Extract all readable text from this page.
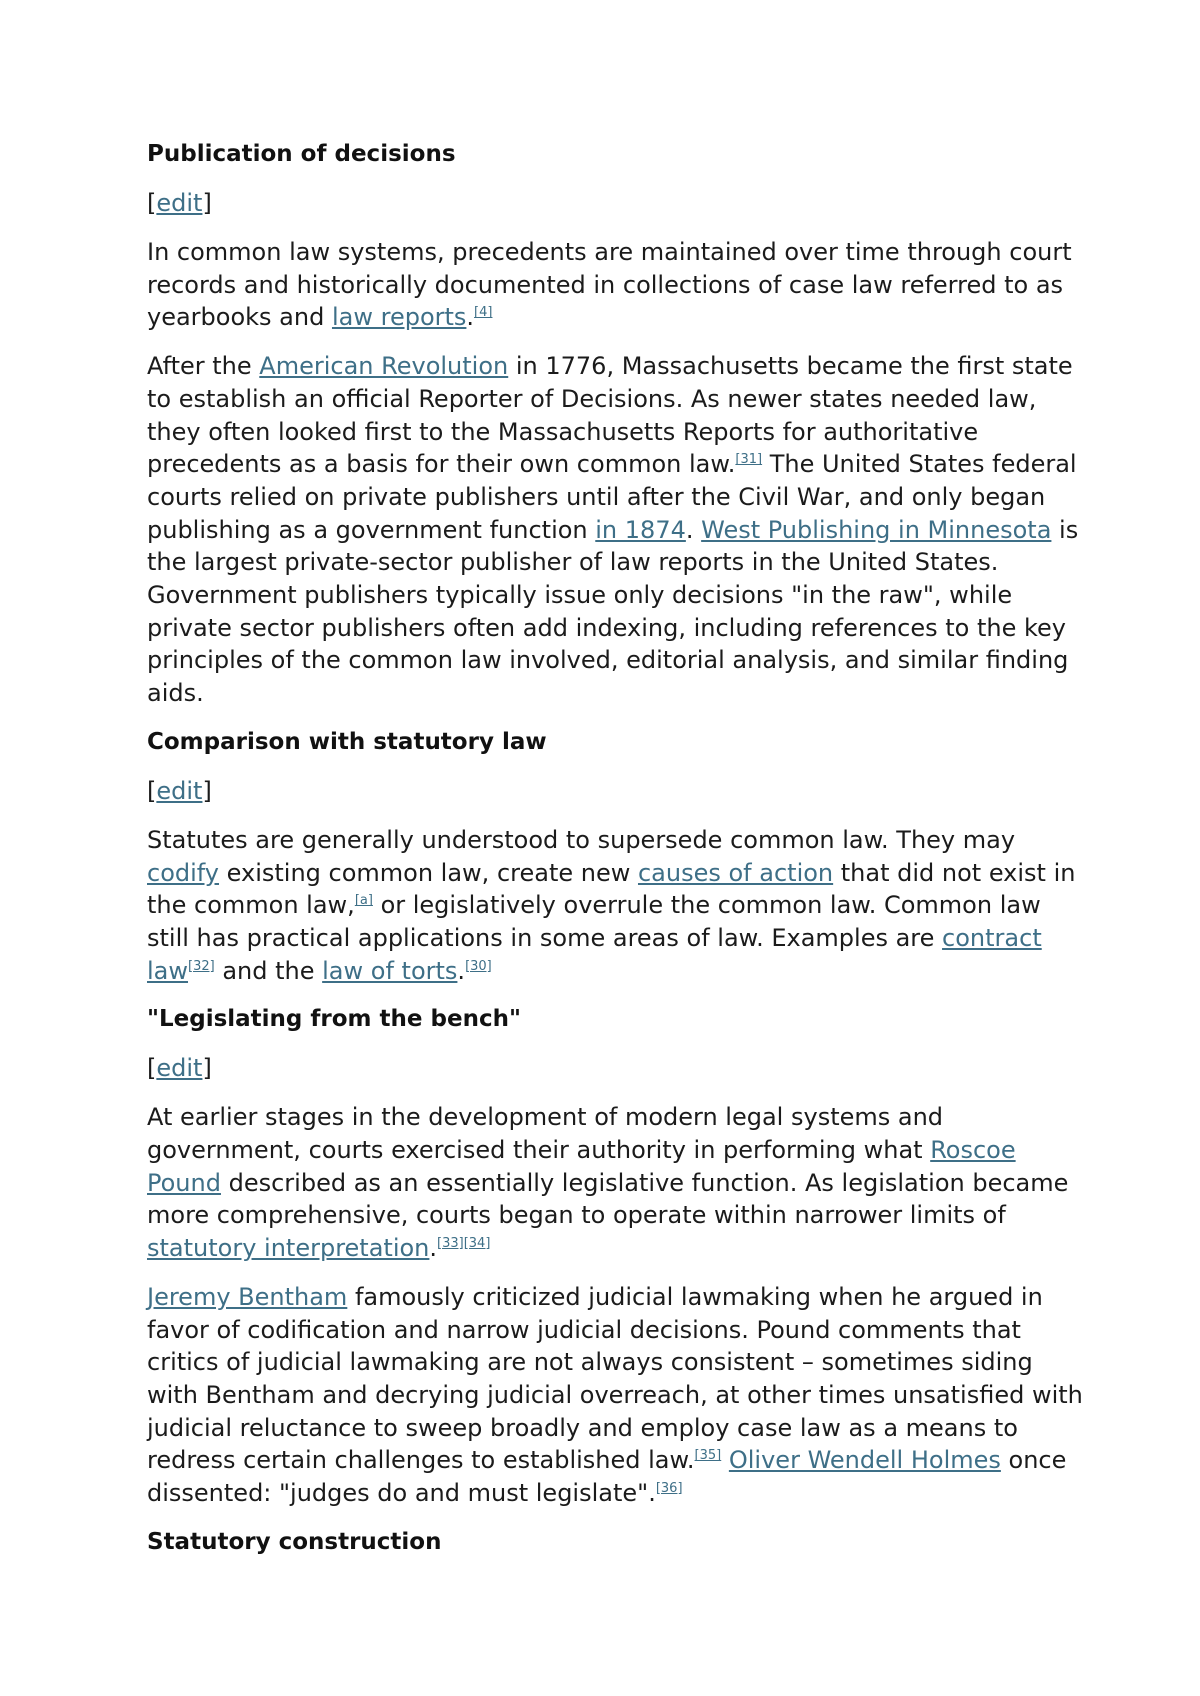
Publication of decisions
[edit]

In common law systems, precedents are maintained over time through court records and historically documented in collections of case law referred to as yearbooks and law reports.[4]

After the American Revolution in 1776, Massachusetts became the first state to establish an official Reporter of Decisions. As newer states needed law, they often looked first to the Massachusetts Reports for authoritative precedents as a basis for their own common law.[31] The United States federal courts relied on private publishers until after the Civil War, and only began publishing as a government function in 1874. West Publishing in Minnesota is the largest private-sector publisher of law reports in the United States. Government publishers typically issue only decisions "in the raw", while private sector publishers often add indexing, including references to the key principles of the common law involved, editorial analysis, and similar finding aids.

Comparison with statutory law
[edit]

Statutes are generally understood to supersede common law. They may codify existing common law, create new causes of action that did not exist in the common law,[a] or legislatively overrule the common law. Common law still has practical applications in some areas of law. Examples are contract law[32] and the law of torts.[30]

"Legislating from the bench"
[edit]

At earlier stages in the development of modern legal systems and government, courts exercised their authority in performing what Roscoe Pound described as an essentially legislative function. As legislation became more comprehensive, courts began to operate within narrower limits of statutory interpretation.[33][34]

Jeremy Bentham famously criticized judicial lawmaking when he argued in favor of codification and narrow judicial decisions. Pound comments that critics of judicial lawmaking are not always consistent – sometimes siding with Bentham and decrying judicial overreach, at other times unsatisfied with judicial reluctance to sweep broadly and employ case law as a means to redress certain challenges to established law.[35] Oliver Wendell Holmes once dissented: "judges do and must legislate".[36]

Statutory construction
